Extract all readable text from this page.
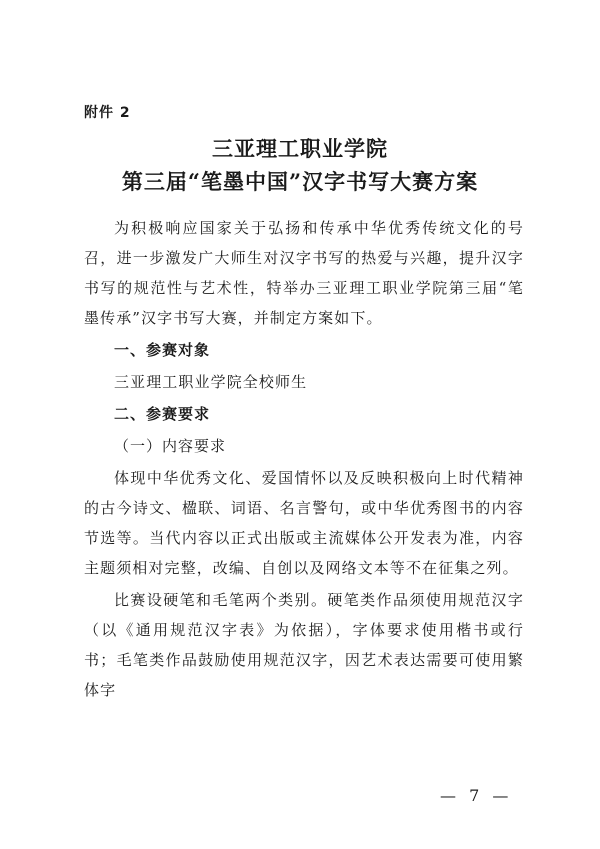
附件 2
三亚理工职业学院
第三届“笔墨中国”汉字书写大赛方案

为积极响应国家关于弘扬和传承中华优秀传统文化的号召，进一步激发广大师生对汉字书写的热爱与兴趣，提升汉字书写的规范性与艺术性，特举办三亚理工职业学院第三届“笔墨传承”汉字书写大赛，并制定方案如下。

一、参赛对象

三亚理工职业学院全校师生

二、参赛要求

（一）内容要求

体现中华优秀文化、爱国情怀以及反映积极向上时代精神的古今诗文、楹联、词语、名言警句，或中华优秀图书的内容节选等。当代内容以正式出版或主流媒体公开发表为准，内容主题须相对完整，改编、自创以及网络文本等不在征集之列。

比赛设硬笔和毛笔两个类别。硬笔类作品须使用规范汉字（以《通用规范汉字表》为依据），字体要求使用楷书或行书；毛笔类作品鼓励使用规范汉字，因艺术表达需要可使用繁体字

— 7 —
